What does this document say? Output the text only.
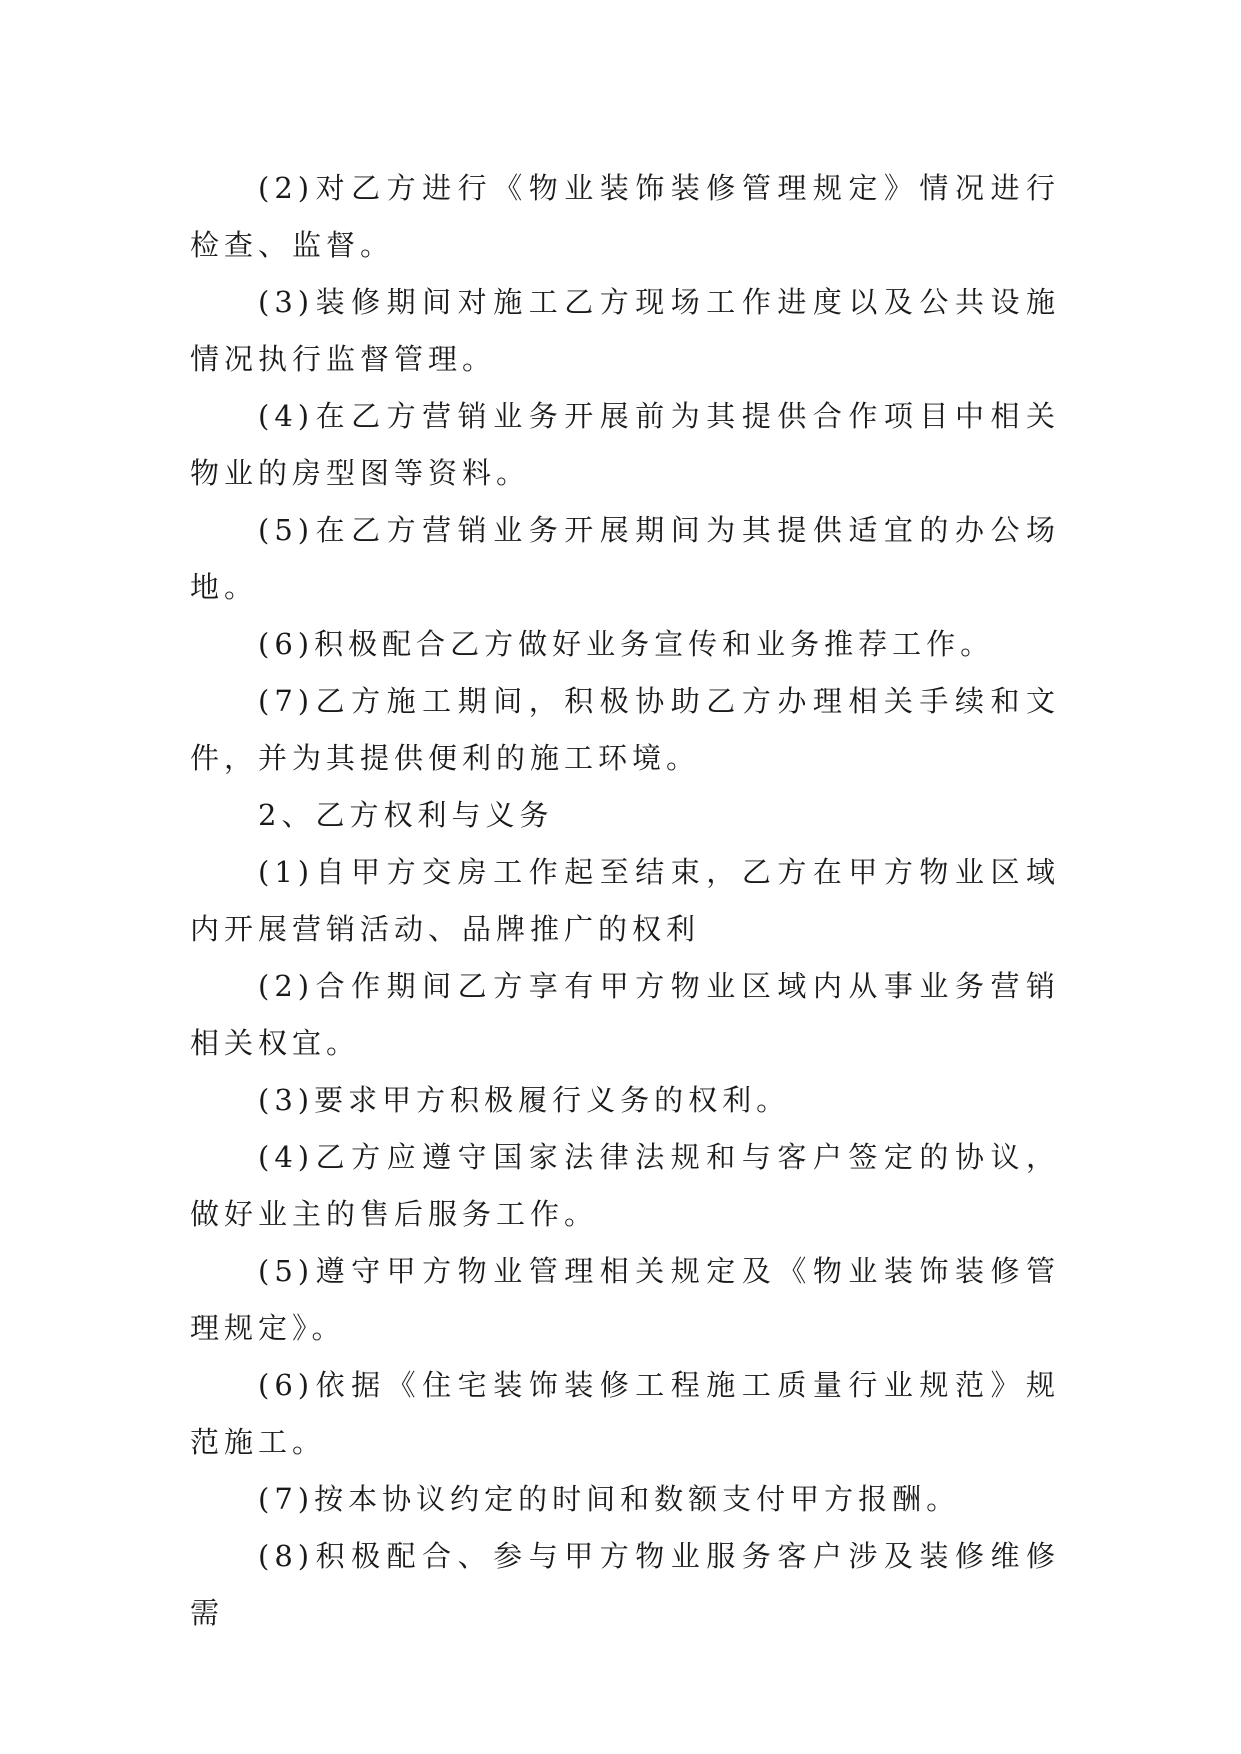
(2)对乙方进行《物业装饰装修管理规定》情况进行检查、监督。

(3)装修期间对施工乙方现场工作进度以及公共设施情况执行监督管理。

(4)在乙方营销业务开展前为其提供合作项目中相关物业的房型图等资料。

(5)在乙方营销业务开展期间为其提供适宜的办公场地。

(6)积极配合乙方做好业务宣传和业务推荐工作。

(7)乙方施工期间，积极协助乙方办理相关手续和文件，并为其提供便利的施工环境。

2、乙方权利与义务

(1)自甲方交房工作起至结束，乙方在甲方物业区域内开展营销活动、品牌推广的权利

(2)合作期间乙方享有甲方物业区域内从事业务营销相关权宜。

(3)要求甲方积极履行义务的权利。

(4)乙方应遵守国家法律法规和与客户签定的协议，做好业主的售后服务工作。

(5)遵守甲方物业管理相关规定及《物业装饰装修管理规定》。

(6)依据《住宅装饰装修工程施工质量行业规范》规范施工。

(7)按本协议约定的时间和数额支付甲方报酬。

(8)积极配合、参与甲方物业服务客户涉及装修维修需
